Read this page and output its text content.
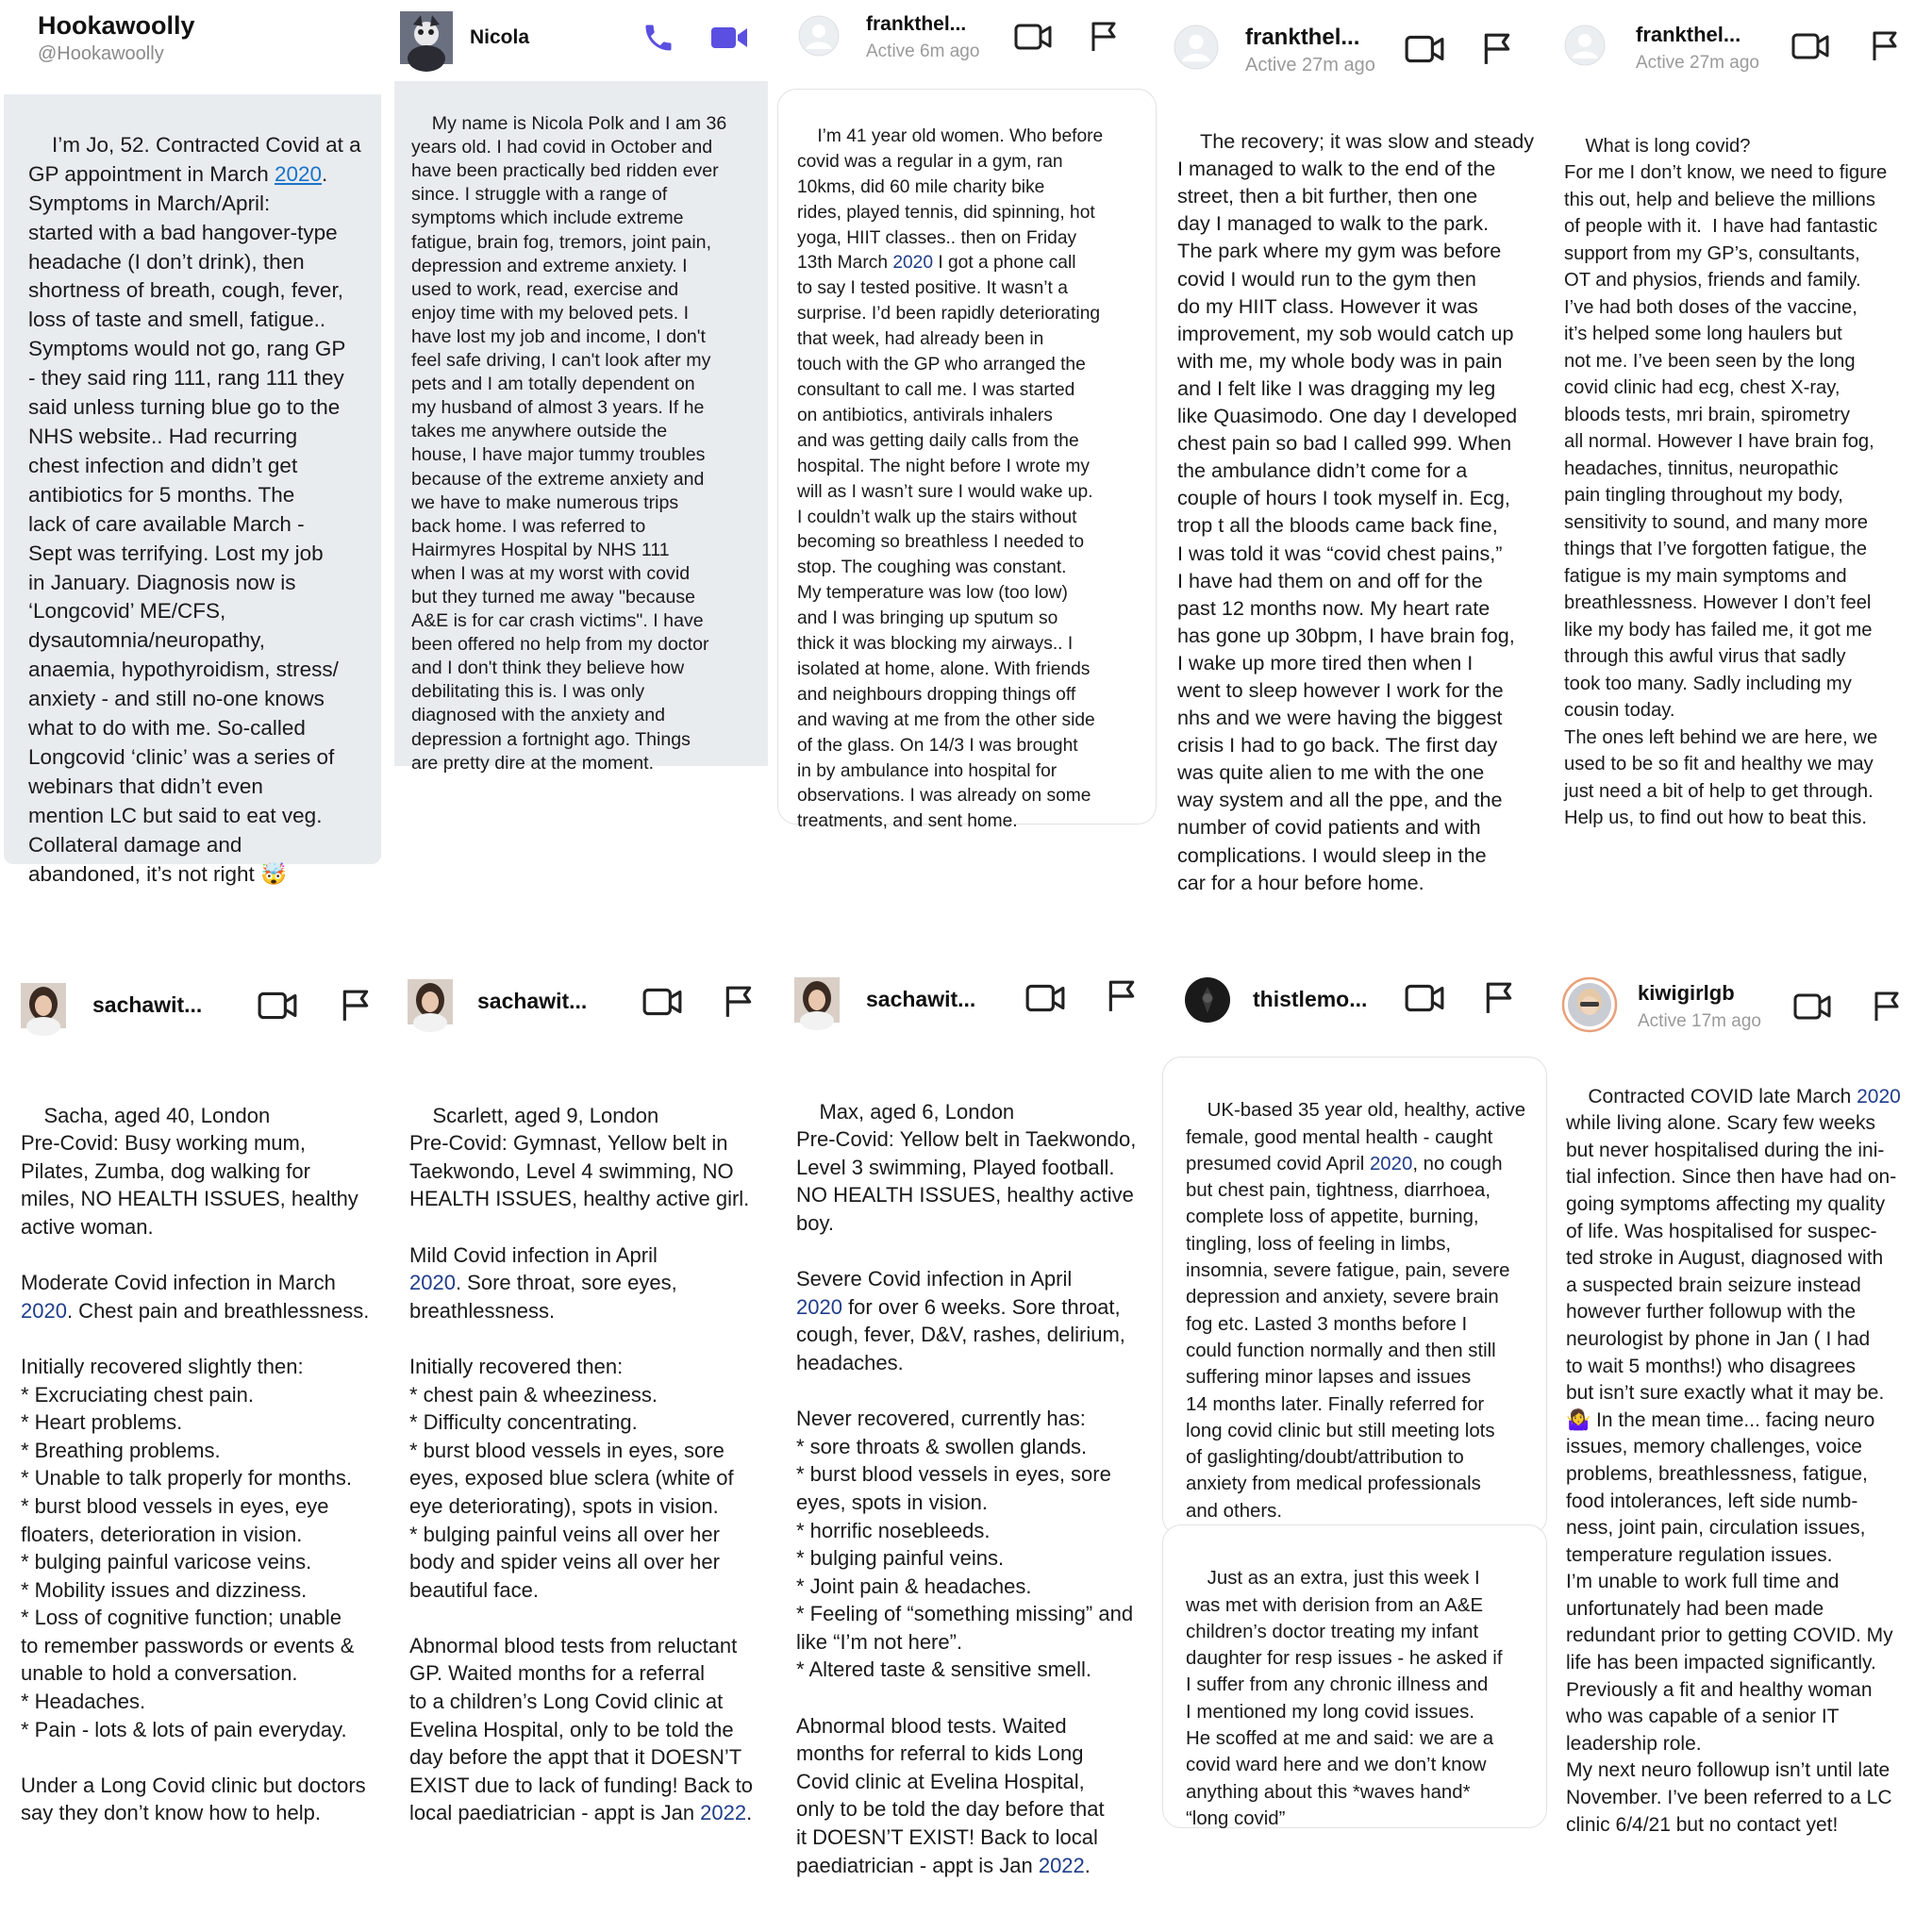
Hookawoolly
@Hookawoolly

I’m Jo, 52. Contracted Covid at a
GP appointment in March 2020.
Symptoms in March/April:
started with a bad hangover-type
headache (I don’t drink), then
shortness of breath, cough, fever,
loss of taste and smell, fatigue..
Symptoms would not go, rang GP
- they said ring 111, rang 111 they
said unless turning blue go to the
NHS website.. Had recurring
chest infection and didn’t get
antibiotics for 5 months. The
lack of care available March -
Sept was terrifying. Lost my job
in January. Diagnosis now is
‘Longcovid’ ME/CFS,
dysautomnia/neuropathy,
anaemia, hypothyroidism, stress/
anxiety - and still no-one knows
what to do with me. So-called
Longcovid ‘clinic’ was a series of
webinars that didn’t even
mention LC but said to eat veg.
Collateral damage and
abandoned, it’s not right 🤯

Nicola

My name is Nicola Polk and I am 36
years old. I had covid in October and
have been practically bed ridden ever
since. I struggle with a range of
symptoms which include extreme
fatigue, brain fog, tremors, joint pain,
depression and extreme anxiety. I
used to work, read, exercise and
enjoy time with my beloved pets. I
have lost my job and income, I don't
feel safe driving, I can't look after my
pets and I am totally dependent on
my husband of almost 3 years. If he
takes me anywhere outside the
house, I have major tummy troubles
because of the extreme anxiety and
we have to make numerous trips
back home. I was referred to
Hairmyres Hospital by NHS 111
when I was at my worst with covid
but they turned me away "because
A&E is for car crash victims". I have
been offered no help from my doctor
and I don't think they believe how
debilitating this is. I was only
diagnosed with the anxiety and
depression a fortnight ago. Things
are pretty dire at the moment.

frankthel...
Active 6m ago

I’m 41 year old women. Who before
covid was a regular in a gym, ran
10kms, did 60 mile charity bike
rides, played tennis, did spinning, hot
yoga, HIIT classes.. then on Friday
13th March 2020 I got a phone call
to say I tested positive. It wasn’t a
surprise. I’d been rapidly deteriorating
that week, had already been in
touch with the GP who arranged the
consultant to call me. I was started
on antibiotics, antivirals inhalers
and was getting daily calls from the
hospital. The night before I wrote my
will as I wasn’t sure I would wake up.
I couldn’t walk up the stairs without
becoming so breathless I needed to
stop. The coughing was constant.
My temperature was low (too low)
and I was bringing up sputum so
thick it was blocking my airways.. I
isolated at home, alone. With friends
and neighbours dropping things off
and waving at me from the other side
of the glass. On 14/3 I was brought
in by ambulance into hospital for
observations. I was already on some
treatments, and sent home.

frankthel...
Active 27m ago

The recovery; it was slow and steady
I managed to walk to the end of the
street, then a bit further, then one
day I managed to walk to the park.
The park where my gym was before
covid I would run to the gym then
do my HIIT class. However it was
improvement, my sob would catch up
with me, my whole body was in pain
and I felt like I was dragging my leg
like Quasimodo. One day I developed
chest pain so bad I called 999. When
the ambulance didn’t come for a
couple of hours I took myself in. Ecg,
trop t all the bloods came back fine,
I was told it was “covid chest pains,”
I have had them on and off for the
past 12 months now. My heart rate
has gone up 30bpm, I have brain fog,
I wake up more tired then when I
went to sleep however I work for the
nhs and we were having the biggest
crisis I had to go back. The first day
was quite alien to me with the one
way system and all the ppe, and the
number of covid patients and with
complications. I would sleep in the
car for a hour before home.

frankthel...
Active 27m ago

What is long covid?
For me I don’t know, we need to figure
this out, help and believe the millions
of people with it.  I have had fantastic
support from my GP’s, consultants,
OT and physios, friends and family.
I’ve had both doses of the vaccine,
it’s helped some long haulers but
not me. I’ve been seen by the long
covid clinic had ecg, chest X-ray,
bloods tests, mri brain, spirometry
all normal. However I have brain fog,
headaches, tinnitus, neuropathic
pain tingling throughout my body,
sensitivity to sound, and many more
things that I’ve forgotten fatigue, the
fatigue is my main symptoms and
breathlessness. However I don’t feel
like my body has failed me, it got me
through this awful virus that sadly
took too many. Sadly including my
cousin today.
The ones left behind we are here, we
used to be so fit and healthy we may
just need a bit of help to get through.
Help us, to find out how to beat this.

sachawit...

Sacha, aged 40, London
Pre-Covid: Busy working mum,
Pilates, Zumba, dog walking for
miles, NO HEALTH ISSUES, healthy
active woman.

Moderate Covid infection in March
2020. Chest pain and breathlessness.

Initially recovered slightly then:
* Excruciating chest pain.
* Heart problems.
* Breathing problems.
* Unable to talk properly for months.
* burst blood vessels in eyes, eye
floaters, deterioration in vision.
* bulging painful varicose veins.
* Mobility issues and dizziness.
* Loss of cognitive function; unable
to remember passwords or events &
unable to hold a conversation.
* Headaches.
* Pain - lots & lots of pain everyday.

Under a Long Covid clinic but doctors
say they don’t know how to help.

sachawit...

Scarlett, aged 9, London
Pre-Covid: Gymnast, Yellow belt in
Taekwondo, Level 4 swimming, NO
HEALTH ISSUES, healthy active girl.

Mild Covid infection in April
2020. Sore throat, sore eyes,
breathlessness.

Initially recovered then:
* chest pain & wheeziness.
* Difficulty concentrating.
* burst blood vessels in eyes, sore
eyes, exposed blue sclera (white of
eye deteriorating), spots in vision.
* bulging painful veins all over her
body and spider veins all over her
beautiful face.

Abnormal blood tests from reluctant
GP. Waited months for a referral
to a children’s Long Covid clinic at
Evelina Hospital, only to be told the
day before the appt that it DOESN’T
EXIST due to lack of funding! Back to
local paediatrician - appt is Jan 2022.

sachawit...

Max, aged 6, London
Pre-Covid: Yellow belt in Taekwondo,
Level 3 swimming, Played football.
NO HEALTH ISSUES, healthy active
boy.

Severe Covid infection in April
2020 for over 6 weeks. Sore throat,
cough, fever, D&V, rashes, delirium,
headaches.

Never recovered, currently has:
* sore throats & swollen glands.
* burst blood vessels in eyes, sore
eyes, spots in vision.
* horrific nosebleeds.
* bulging painful veins.
* Joint pain & headaches.
* Feeling of “something missing” and
like “I’m not here”.
* Altered taste & sensitive smell.

Abnormal blood tests. Waited
months for referral to kids Long
Covid clinic at Evelina Hospital,
only to be told the day before that
it DOESN’T EXIST! Back to local
paediatrician - appt is Jan 2022.

thistlemo...

UK-based 35 year old, healthy, active
female, good mental health - caught
presumed covid April 2020, no cough
but chest pain, tightness, diarrhoea,
complete loss of appetite, burning,
tingling, loss of feeling in limbs,
insomnia, severe fatigue, pain, severe
depression and anxiety, severe brain
fog etc. Lasted 3 months before I
could function normally and then still
suffering minor lapses and issues
14 months later. Finally referred for
long covid clinic but still meeting lots
of gaslighting/doubt/attribution to
anxiety from medical professionals
and others.

Just as an extra, just this week I
was met with derision from an A&E
children’s doctor treating my infant
daughter for resp issues - he asked if
I suffer from any chronic illness and
I mentioned my long covid issues.
He scoffed at me and said: we are a
covid ward here and we don’t know
anything about this *waves hand*
“long covid”

kiwigirlgb
Active 17m ago

Contracted COVID late March 2020
while living alone. Scary few weeks
but never hospitalised during the ini-
tial infection. Since then have had on-
going symptoms affecting my quality
of life. Was hospitalised for suspec-
ted stroke in August, diagnosed with
a suspected brain seizure instead
however further followup with the
neurologist by phone in Jan ( I had
to wait 5 months!) who disagrees
but isn’t sure exactly what it may be.
🤷‍♀️ In the mean time... facing neuro
issues, memory challenges, voice
problems, breathlessness, fatigue,
food intolerances, left side numb-
ness, joint pain, circulation issues,
temperature regulation issues.
I’m unable to work full time and
unfortunately had been made
redundant prior to getting COVID. My
life has been impacted significantly.
Previously a fit and healthy woman
who was capable of a senior IT
leadership role.
My next neuro followup isn’t until late
November. I’ve been referred to a LC
clinic 6/4/21 but no contact yet!
